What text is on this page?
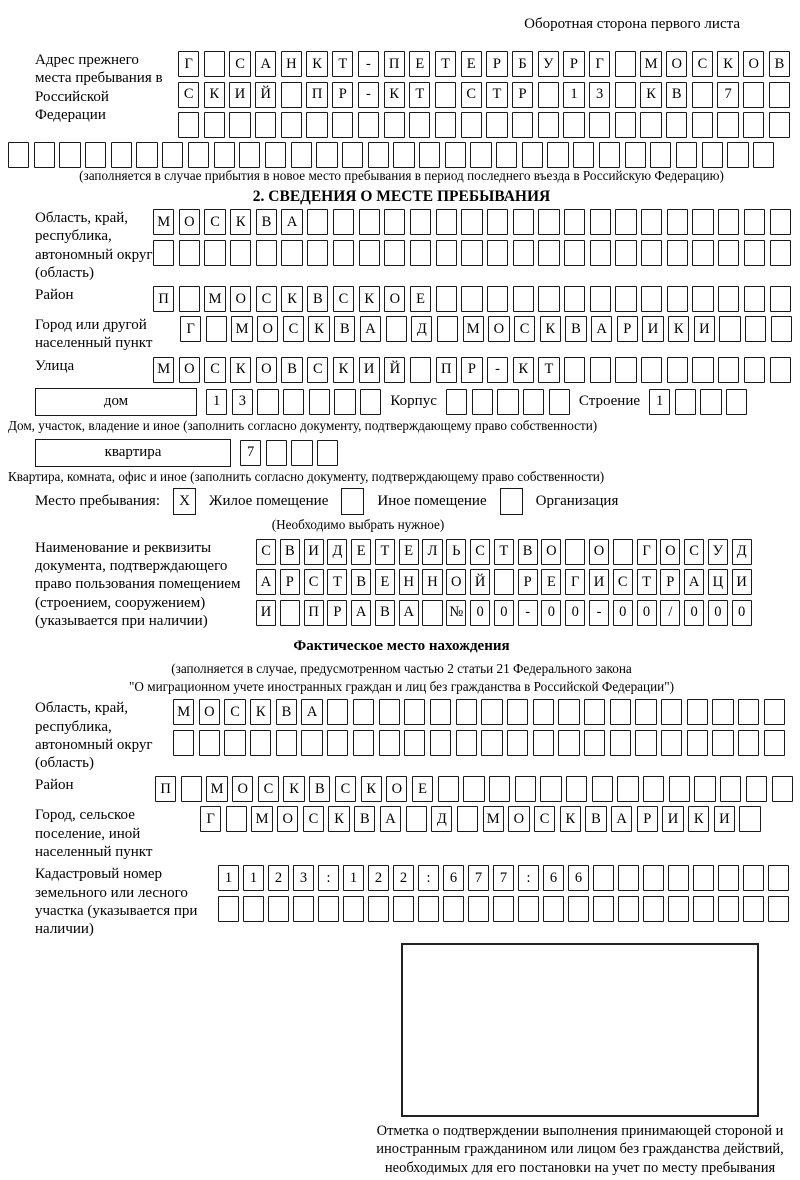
Оборотная сторона первого листа
Адрес прежнего места пребывания в Российской Федерации
Г	С	А	Н	К	Т	-	П	Е	Т	Е	Р	Б	У	Р	Г	М О	С	К	О	В
С	К	И	Й	П	Р	-	К	Т	С	Т	Р	1	3	К	В	7
(заполняется в случае прибытия в новое место пребывания в период последнего въезда в Российскую Федерацию)
2. СВЕДЕНИЯ О МЕСТЕ ПРЕБЫВАНИЯ
Область, край, республика, автономный округ (область)
М О	С	К	В	А
Район	П	М О	С	К	В	С	К	О	Е
Город или другой населенный пункт
Г	М О	С	К	В	А	Д	М О	С	К	В	А	Р	И	К	И
Улица	М О	С	К	О	В	С	К	И	Й	П	Р	-	К	Т
дом	1	3	Корпус	Строение	1
Дом, участок, владение и иное (заполнить согласно документу, подтверждающему право собственности)
квартира	7
Квартира, комната, офис и иное (заполнить согласно документу, подтверждающему право собственности)
Место пребывания:	X	Жилое помещение	Иное помещение	Организация
(Необходимо выбрать нужное)
Наименование и реквизиты документа, подтверждающего право пользования помещением (строением, сооружением) (указывается при наличии)
С В И Д Е	Т	Е Л	Ь	С	Т	В О	О	Г О С У Д
А	Р	С	Т	В	Е Н Н О Й	Р	Е	Г И С	Т	Р	А Ц И
И	П	Р	А В А	№ 0	0	-	0	0	-	0	0	/	0	0	0
Фактическое место нахождения
(заполняется в случае, предусмотренном частью 2 статьи 21 Федерального закона
"О миграционном учете иностранных граждан и лиц без гражданства в Российской Федерации")
Область, край, республика, автономный округ (область)
М О	С	К	В	А
Район	П	М О	С	К	В	С	К	О	Е
Город, сельское поселение, иной населенный пункт
Г	М О	С	К	В	А	Д	М О	С	К	В	А	Р	И	К	И
Кадастровый номер земельного или лесного участка (указывается при наличии)
1	1	2	3	:	1	2	2	:	6	7	7	:	6	6
Отметка о подтверждении выполнения принимающей стороной и иностранным гражданином или лицом без гражданства действий, необходимых для его постановки на учет по месту пребывания
